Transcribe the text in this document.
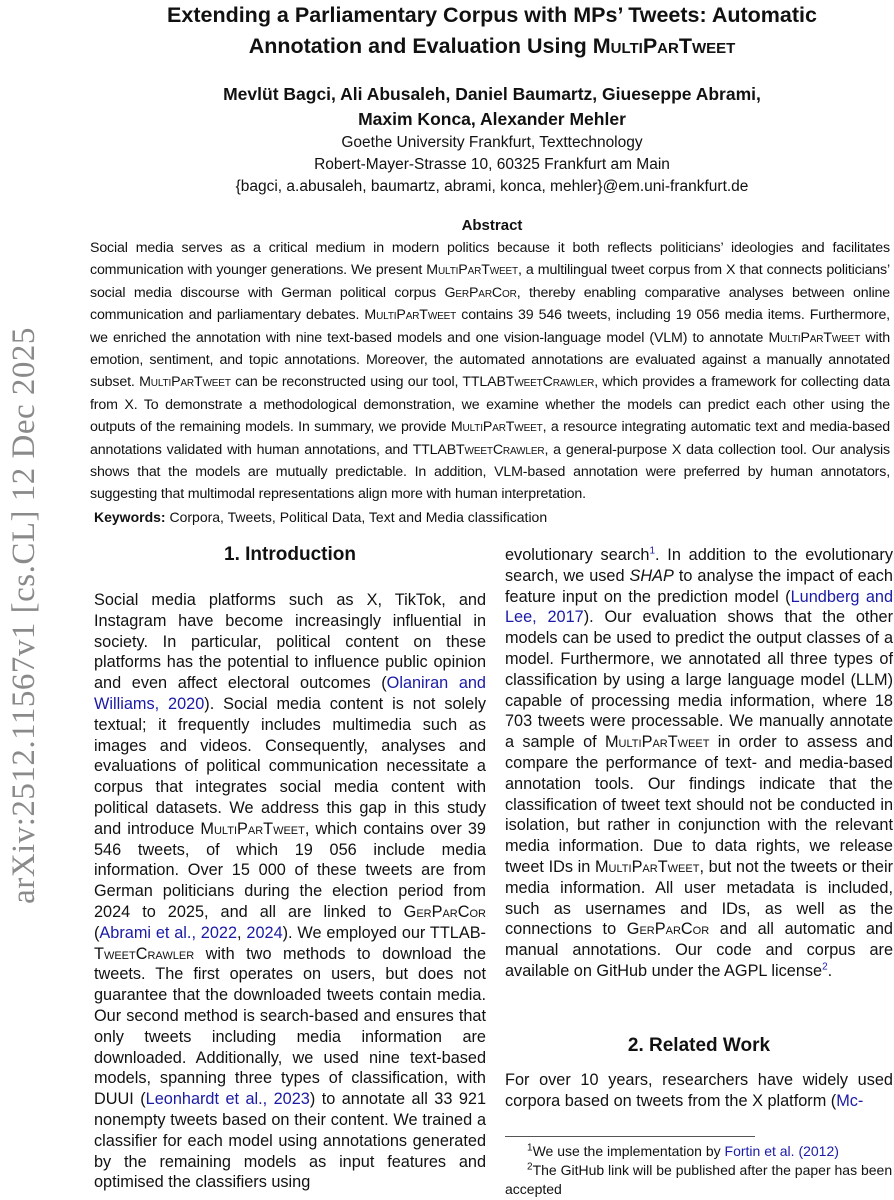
arXiv:2512.11567v1 [cs.CL] 12 Dec 2025
Extending a Parliamentary Corpus with MPs’ Tweets: Automatic
Annotation and Evaluation Using MultiParTweet
Mevlüt Bagci, Ali Abusaleh, Daniel Baumartz, Giueseppe Abrami,
Maxim Konca, Alexander Mehler
Goethe University Frankfurt, Texttechnology
Robert-Mayer-Strasse 10, 60325 Frankfurt am Main
{bagci, a.abusaleh, baumartz, abrami, konca, mehler}@em.uni-frankfurt.de
Abstract
Social media serves as a critical medium in modern politics because it both reflects politicians’ ideologies and facilitates communication with younger generations. We present MultiParTweet, a multilingual tweet corpus from X that connects politicians’ social media discourse with German political corpus GerParCor, thereby enabling comparative analyses between online communication and parliamentary debates. MultiParTweet contains 39 546 tweets, including 19 056 media items. Furthermore, we enriched the annotation with nine text-based models and one vision-language model (VLM) to annotate MultiParTweet with emotion, sentiment, and topic annotations. Moreover, the automated annotations are evaluated against a manually annotated subset. MultiParTweet can be reconstructed using our tool, TTLABTweetCrawler, which provides a framework for collecting data from X. To demonstrate a methodological demonstration, we examine whether the models can predict each other using the outputs of the remaining models. In summary, we provide MultiParTweet, a resource integrating automatic text and media-based annotations validated with human annotations, and TTLABTweetCrawler, a general-purpose X data collection tool. Our analysis shows that the models are mutually predictable. In addition, VLM-based annotation were preferred by human annotators, suggesting that multimodal representations align more with human interpretation.
Keywords: Corpora, Tweets, Political Data, Text and Media classification
1. Introduction
Social media platforms such as X, TikTok, and Instagram have become increasingly influential in society. In particular, political content on these platforms has the potential to influence public opinion and even affect electoral outcomes (Olaniran and Williams, 2020). Social media content is not solely textual; it frequently includes multimedia such as images and videos. Consequently, analyses and evaluations of political communication necessitate a corpus that integrates social media content with political datasets. We address this gap in this study and introduce MultiParTweet, which contains over 39 546 tweets, of which 19 056 include media information. Over 15 000 of these tweets are from German politicians during the election period from 2024 to 2025, and all are linked to GerParCor (Abrami et al., 2022, 2024). We employed our TTLAB-TweetCrawler with two methods to download the tweets. The first operates on users, but does not guarantee that the downloaded tweets contain media. Our second method is search-based and ensures that only tweets including media information are downloaded. Additionally, we used nine text-based models, spanning three types of classification, with DUUI (Leonhardt et al., 2023) to annotate all 33 921 nonempty tweets based on their content. We trained a classifier for each model using annotations generated by the remaining models as input features and optimised the classifiers using
evolutionary search$^1$. In addition to the evolutionary search, we used SHAP to analyse the impact of each feature input on the prediction model (Lundberg and Lee, 2017). Our evaluation shows that the other models can be used to predict the output classes of a model. Furthermore, we annotated all three types of classification by using a large language model (LLM) capable of processing media information, where 18 703 tweets were processable. We manually annotate a sample of MultiParTweet in order to assess and compare the performance of text- and media-based annotation tools. Our findings indicate that the classification of tweet text should not be conducted in isolation, but rather in conjunction with the relevant media information. Due to data rights, we release tweet IDs in MultiParTweet, but not the tweets or their media information. All user metadata is included, such as usernames and IDs, as well as the connections to GerParCor and all automatic and manual annotations. Our code and corpus are available on GitHub under the AGPL license$^2$.
2. Related Work
For over 10 years, researchers have widely used corpora based on tweets from the X platform (Mc-

$^1$We use the implementation by Fortin et al. (2012)

$^2$The GitHub link will be published after the paper has been accepted
